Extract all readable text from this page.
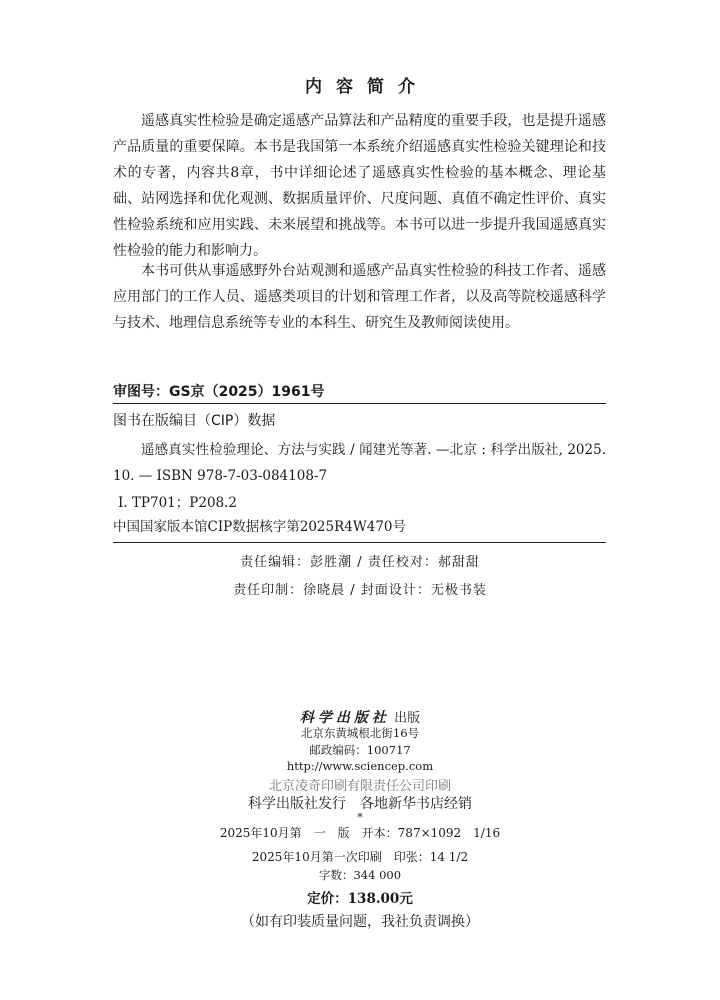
内容简介

遥感真实性检验是确定遥感产品算法和产品精度的重要手段，也是提升遥感产品质量的重要保障。本书是我国第一本系统介绍遥感真实性检验关键理论和技术的专著，内容共8章，书中详细论述了遥感真实性检验的基本概念、理论基础、站网选择和优化观测、数据质量评价、尺度问题、真值不确定性评价、真实性检验系统和应用实践、未来展望和挑战等。本书可以进一步提升我国遥感真实性检验的能力和影响力。

本书可供从事遥感野外台站观测和遥感产品真实性检验的科技工作者、遥感应用部门的工作人员、遥感类项目的计划和管理工作者，以及高等院校遥感科学与技术、地理信息系统等专业的本科生、研究生及教师阅读使用。

审图号：GS京（2025）1961号
图书在版编目（CIP）数据

遥感真实性检验理论、方法与实践 / 闻建光等著. —北京 : 科学出版社, 2025. 10. — ISBN 978-7-03-084108-7

Ⅰ. TP701；P208.2
中国国家版本馆CIP数据核字第2025R4W470号
责任编辑：彭胜潮 / 责任校对：郝甜甜
责任印制：徐晓晨 / 封面设计：无极书装
科学出版社 出版
北京东黄城根北街16号
邮政编码：100717
http://www.sciencep.com
北京凌奇印刷有限责任公司印刷
科学出版社发行　各地新华书店经销
*
2025年10月第　一　版　开本：787×1092　1/16
2025年10月第一次印刷　印张：14 1/2
字数：344 000
定价：138.00元
（如有印装质量问题，我社负责调换）
